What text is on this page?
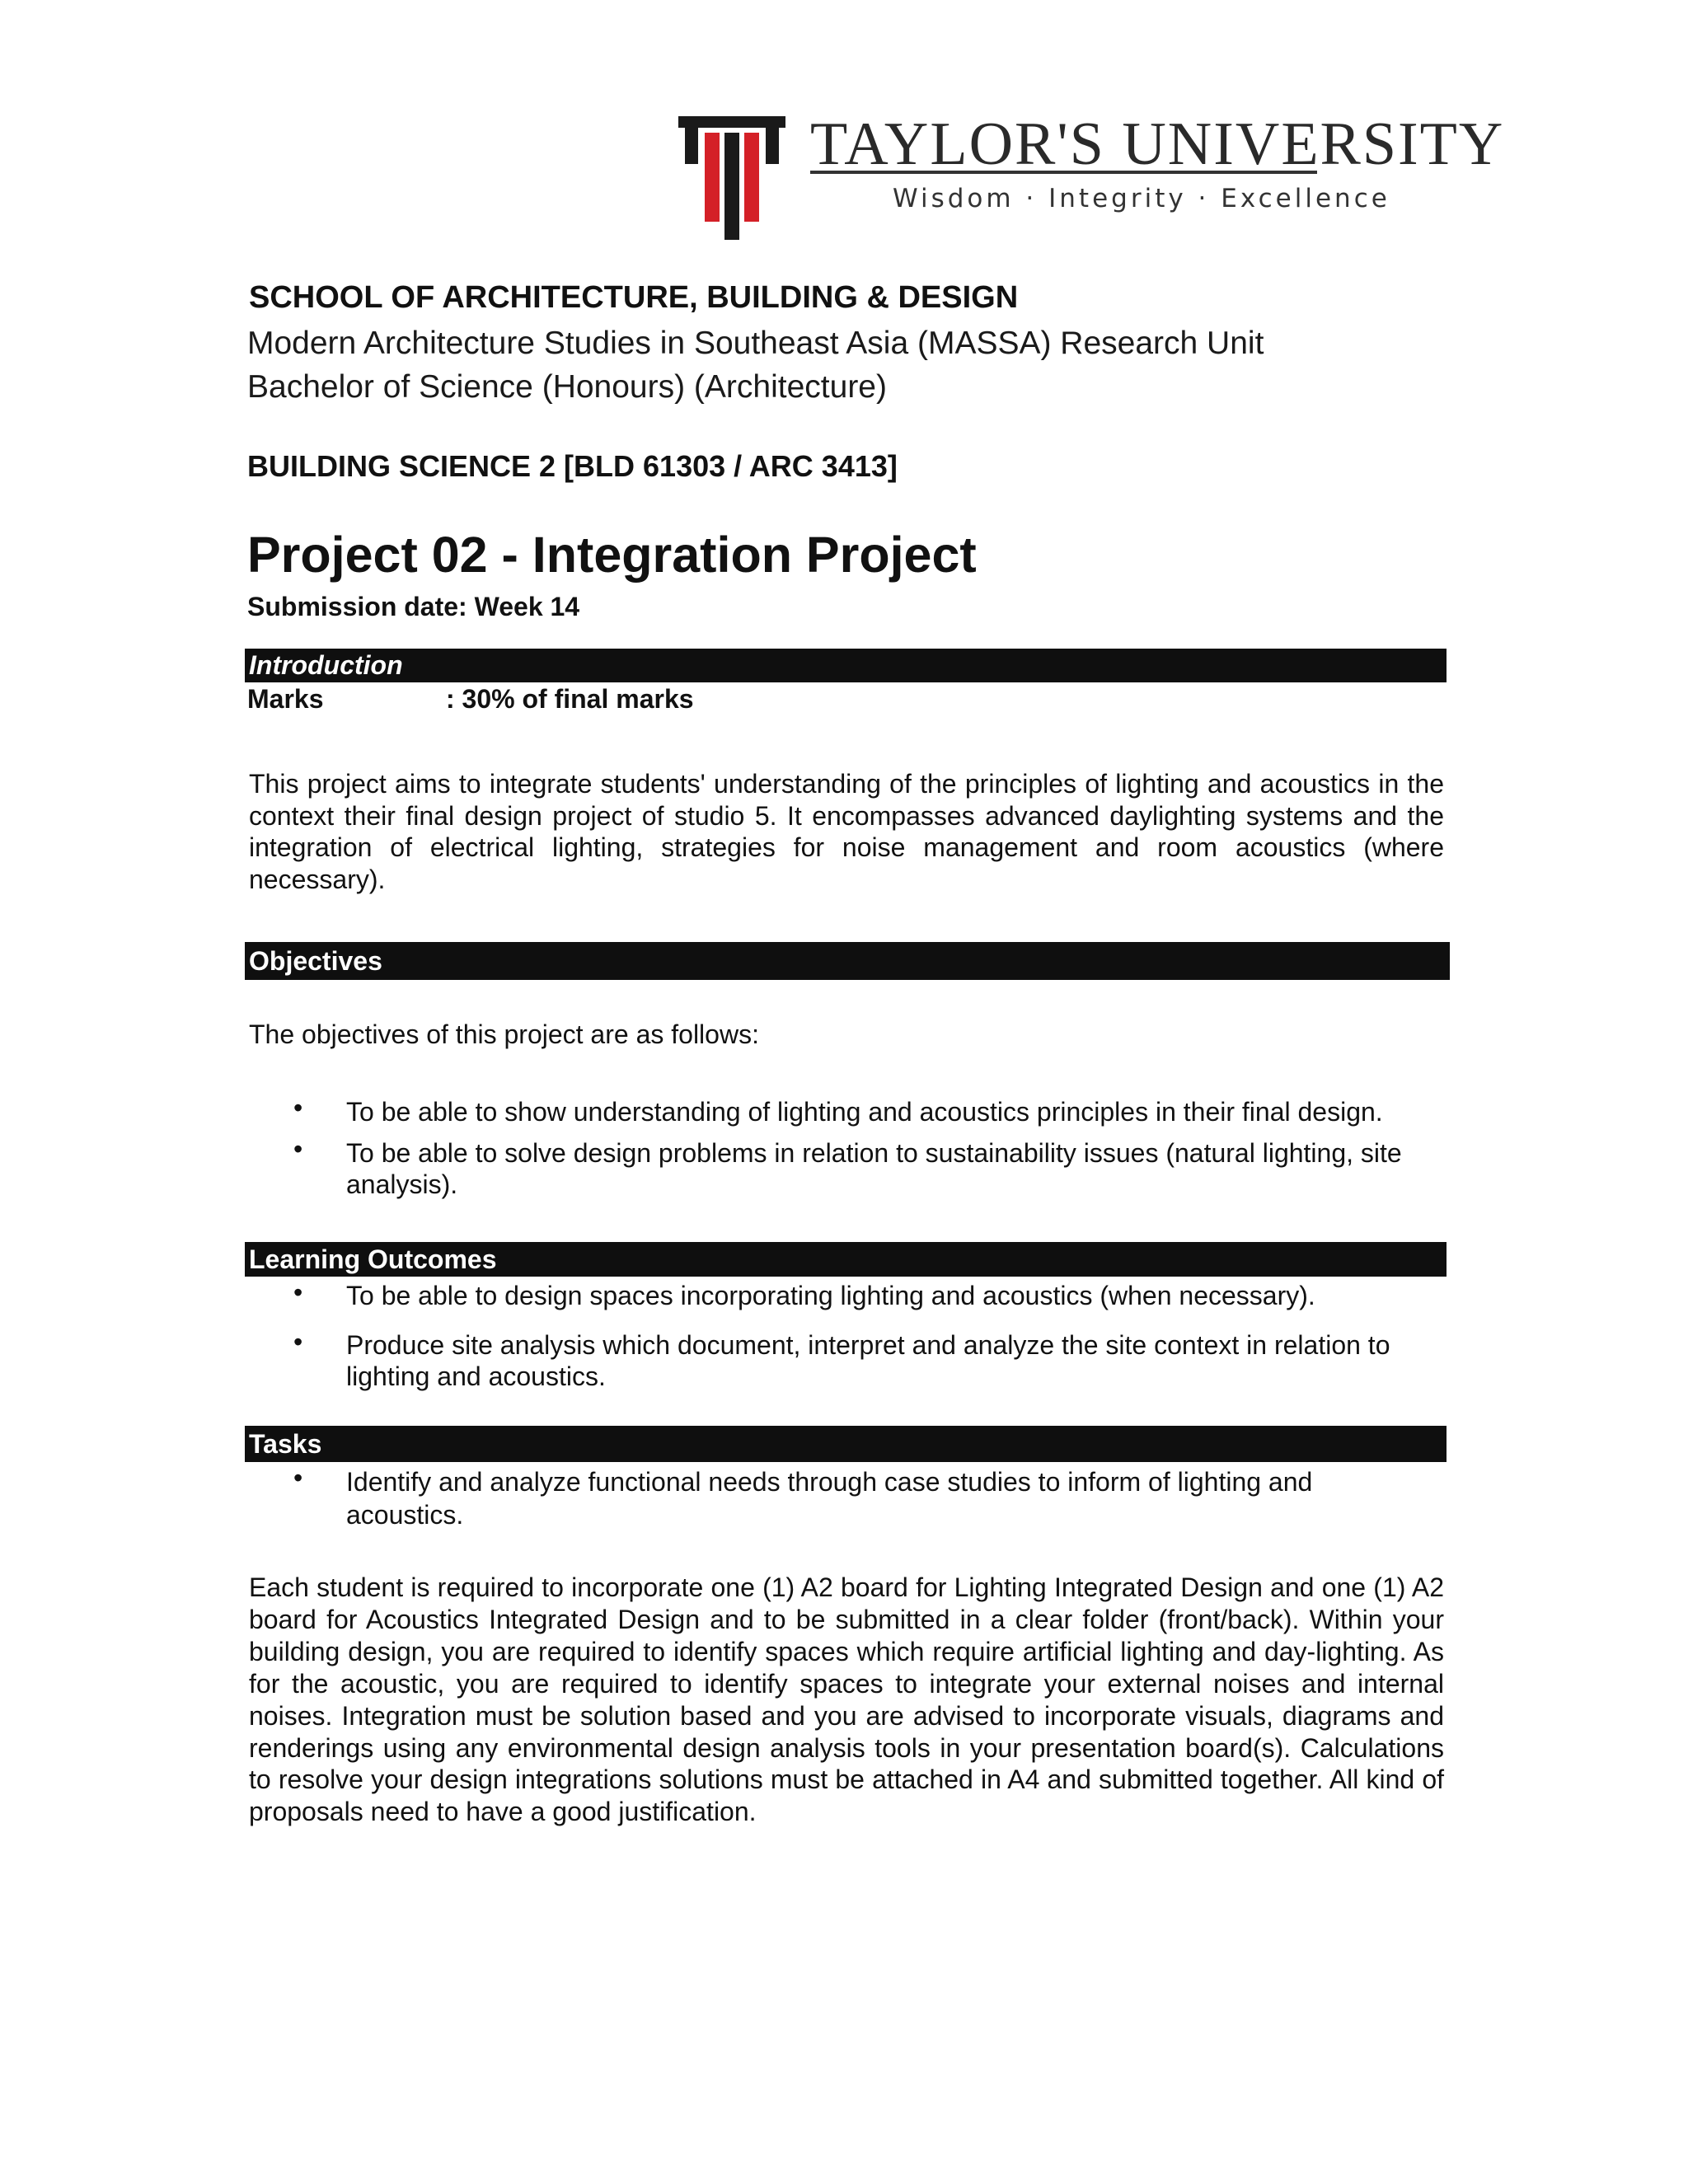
TAYLOR'S UNIVERSITY
Wisdom · Integrity · Excellence
SCHOOL OF ARCHITECTURE, BUILDING & DESIGN
Modern Architecture Studies in Southeast Asia (MASSA) Research Unit
Bachelor of Science (Honours) (Architecture)
BUILDING SCIENCE 2 [BLD 61303 / ARC 3413]
Project 02 - Integration Project
Submission date: Week 14
Introduction
Marks	: 30% of final marks
This project aims to integrate students' understanding of the principles of lighting and acoustics in the context their final design project of studio 5. It encompasses advanced daylighting systems and the integration of electrical lighting, strategies for noise management and room acoustics (where necessary).
Objectives
The objectives of this project are as follows:
• To be able to show understanding of lighting and acoustics principles in their final design.
• To be able to solve design problems in relation to sustainability issues (natural lighting, site analysis).
Learning Outcomes
• To be able to design spaces incorporating lighting and acoustics (when necessary).
• Produce site analysis which document, interpret and analyze the site context in relation to lighting and acoustics.
Tasks
• Identify and analyze functional needs through case studies to inform of lighting and acoustics.
Each student is required to incorporate one (1) A2 board for Lighting Integrated Design and one (1) A2 board for Acoustics Integrated Design and to be submitted in a clear folder (front/back). Within your building design, you are required to identify spaces which require artificial lighting and day-lighting. As for the acoustic, you are required to identify spaces to integrate your external noises and internal noises. Integration must be solution based and you are advised to incorporate visuals, diagrams and renderings using any environmental design analysis tools in your presentation board(s). Calculations to resolve your design integrations solutions must be attached in A4 and submitted together. All kind of proposals need to have a good justification.
